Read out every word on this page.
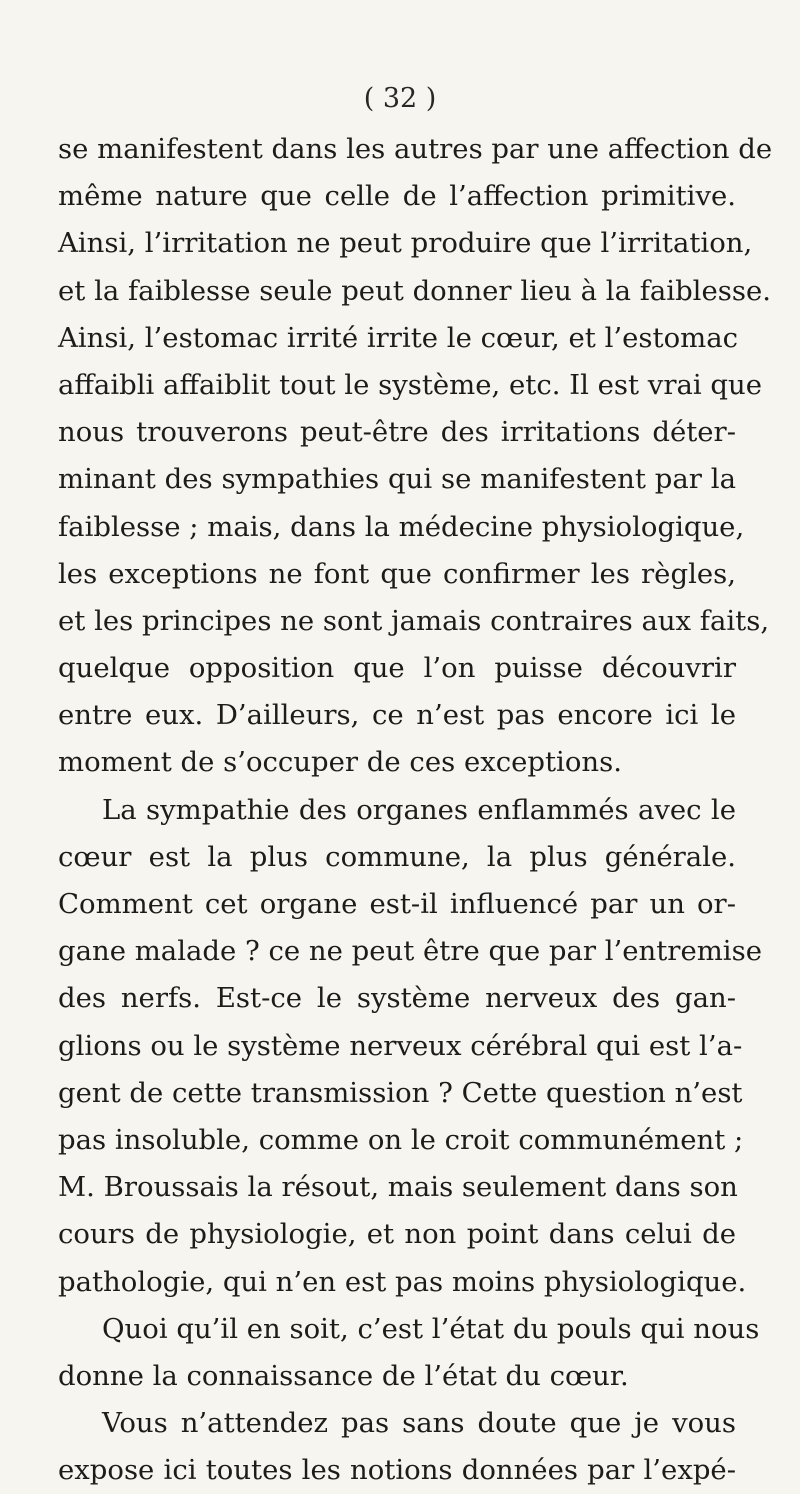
( 32 )
se manifestent dans les autres par une affection de
même nature que celle de l’affection primitive.
Ainsi, l’irritation ne peut produire que l’irritation,
et la faiblesse seule peut donner lieu à la faiblesse.
Ainsi, l’estomac irrité irrite le cœur, et l’estomac
affaibli affaiblit tout le système, etc. Il est vrai que
nous trouverons peut-être des irritations déter-
minant des sympathies qui se manifestent par la
faiblesse ; mais, dans la médecine physiologique,
les exceptions ne font que confirmer les règles,
et les principes ne sont jamais contraires aux faits,
quelque opposition que l’on puisse découvrir
entre eux. D’ailleurs, ce n’est pas encore ici le
moment de s’occuper de ces exceptions.
La sympathie des organes enflammés avec le
cœur est la plus commune, la plus générale.
Comment cet organe est-il influencé par un or-
gane malade ? ce ne peut être que par l’entremise
des nerfs. Est-ce le système nerveux des gan-
glions ou le système nerveux cérébral qui est l’a-
gent de cette transmission ? Cette question n’est
pas insoluble, comme on le croit communément ;
M. Broussais la résout, mais seulement dans son
cours de physiologie, et non point dans celui de
pathologie, qui n’en est pas moins physiologique.
Quoi qu’il en soit, c’est l’état du pouls qui nous
donne la connaissance de l’état du cœur.
Vous n’attendez pas sans doute que je vous
expose ici toutes les notions données par l’expé-
